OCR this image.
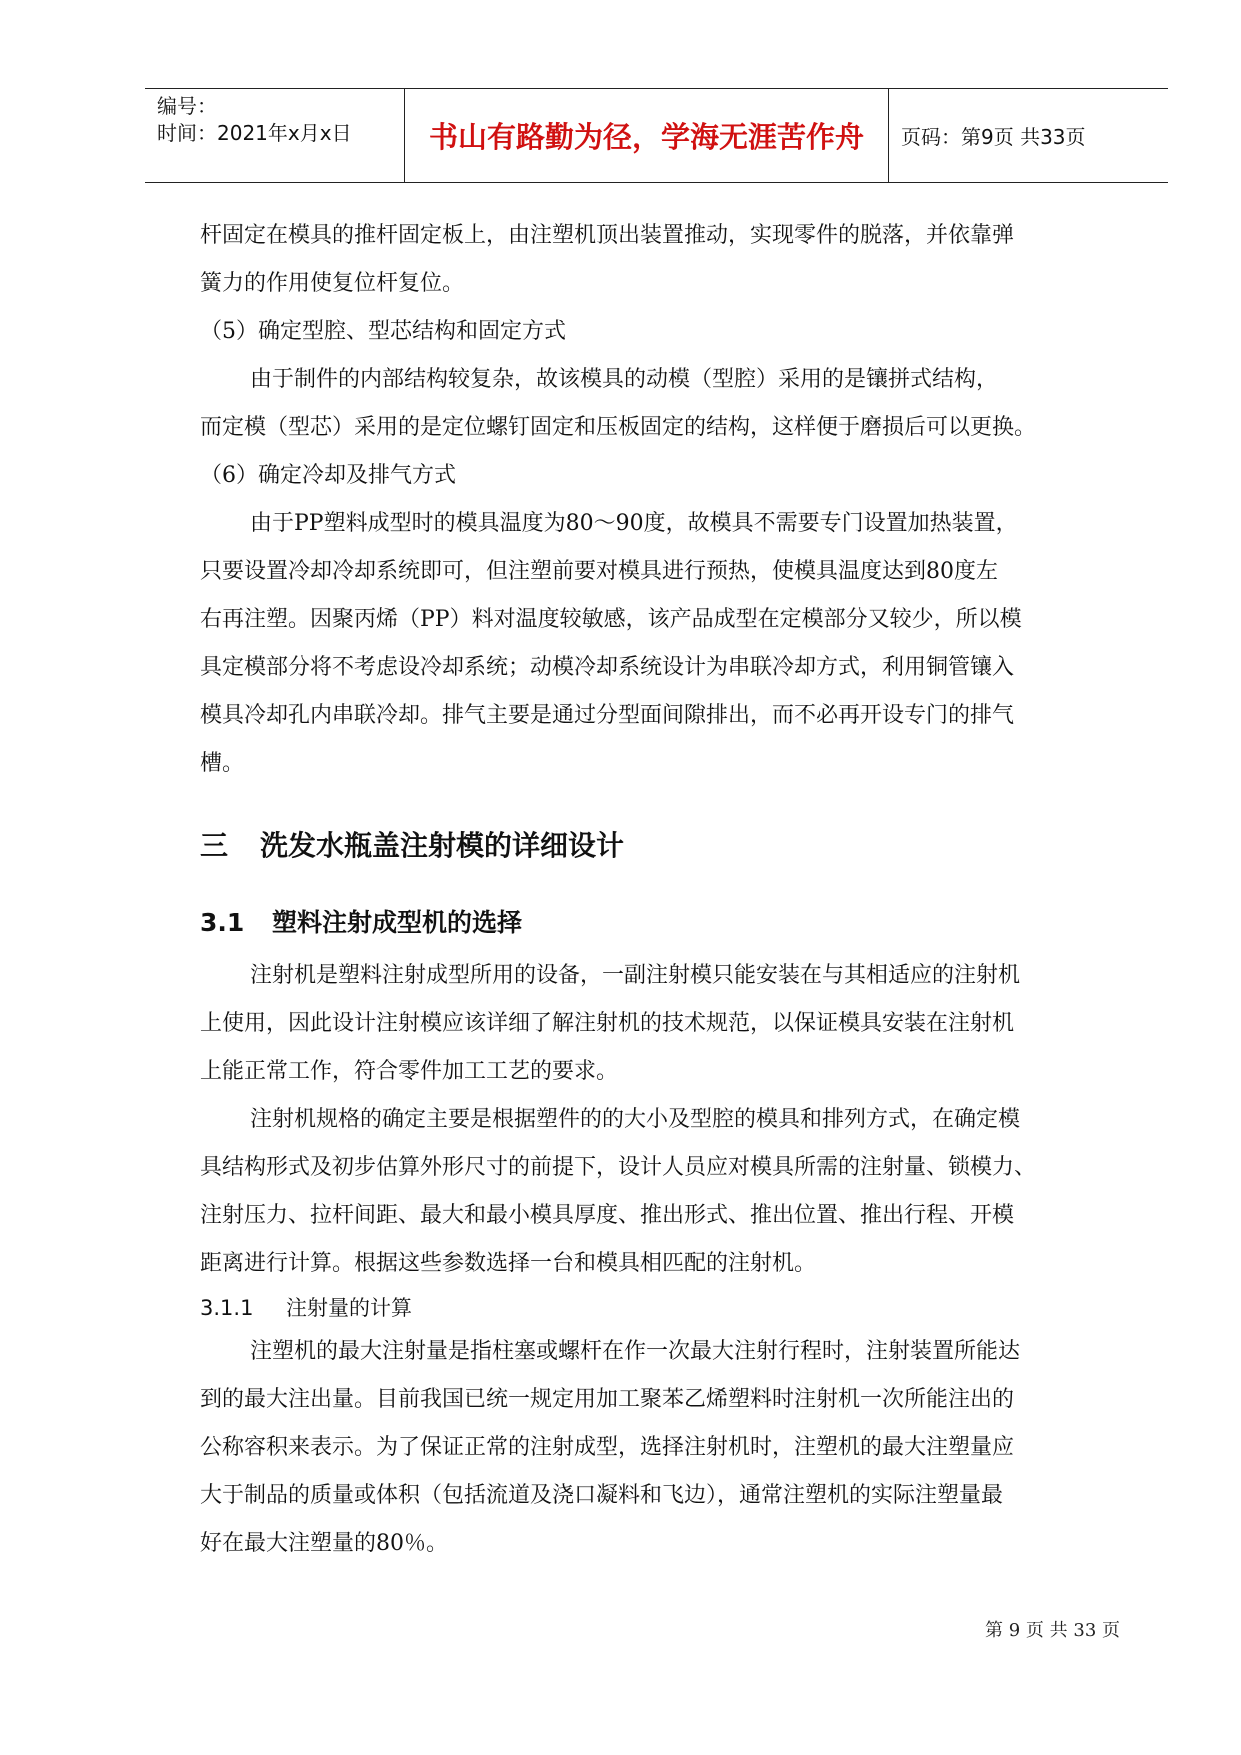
编号：
时间：2021年x月x日	书山有路勤为径，学海无涯苦作舟	页码：第9页 共33页

杆固定在模具的推杆固定板上，由注塑机顶出装置推动，实现零件的脱落，并依靠弹

簧力的作用使复位杆复位。

（5）确定型腔、型芯结构和固定方式

由于制件的内部结构较复杂，故该模具的动模（型腔）采用的是镶拼式结构，

而定模（型芯）采用的是定位螺钉固定和压板固定的结构，这样便于磨损后可以更换。

（6）确定冷却及排气方式

由于PP塑料成型时的模具温度为80～90度，故模具不需要专门设置加热装置，

只要设置冷却冷却系统即可，但注塑前要对模具进行预热，使模具温度达到80度左

右再注塑。因聚丙烯（PP）料对温度较敏感，该产品成型在定模部分又较少，所以模

具定模部分将不考虑设冷却系统；动模冷却系统设计为串联冷却方式，利用铜管镶入

模具冷却孔内串联冷却。排气主要是通过分型面间隙排出，而不必再开设专门的排气

槽。

三 洗发水瓶盖注射模的详细设计
3.1 塑料注射成型机的选择

注射机是塑料注射成型所用的设备，一副注射模只能安装在与其相适应的注射机

上使用，因此设计注射模应该详细了解注射机的技术规范，以保证模具安装在注射机

上能正常工作，符合零件加工工艺的要求。

注射机规格的确定主要是根据塑件的的大小及型腔的模具和排列方式，在确定模

具结构形式及初步估算外形尺寸的前提下，设计人员应对模具所需的注射量、锁模力、

注射压力、拉杆间距、最大和最小模具厚度、推出形式、推出位置、推出行程、开模

距离进行计算。根据这些参数选择一台和模具相匹配的注射机。

3.1.1 注射量的计算

注塑机的最大注射量是指柱塞或螺杆在作一次最大注射行程时，注射装置所能达

到的最大注出量。目前我国已统一规定用加工聚苯乙烯塑料时注射机一次所能注出的

公称容积来表示。为了保证正常的注射成型，选择注射机时，注塑机的最大注塑量应

大于制品的质量或体积（包括流道及浇口凝料和飞边），通常注塑机的实际注塑量最

好在最大注塑量的80％。

第 9 页 共 33 页
